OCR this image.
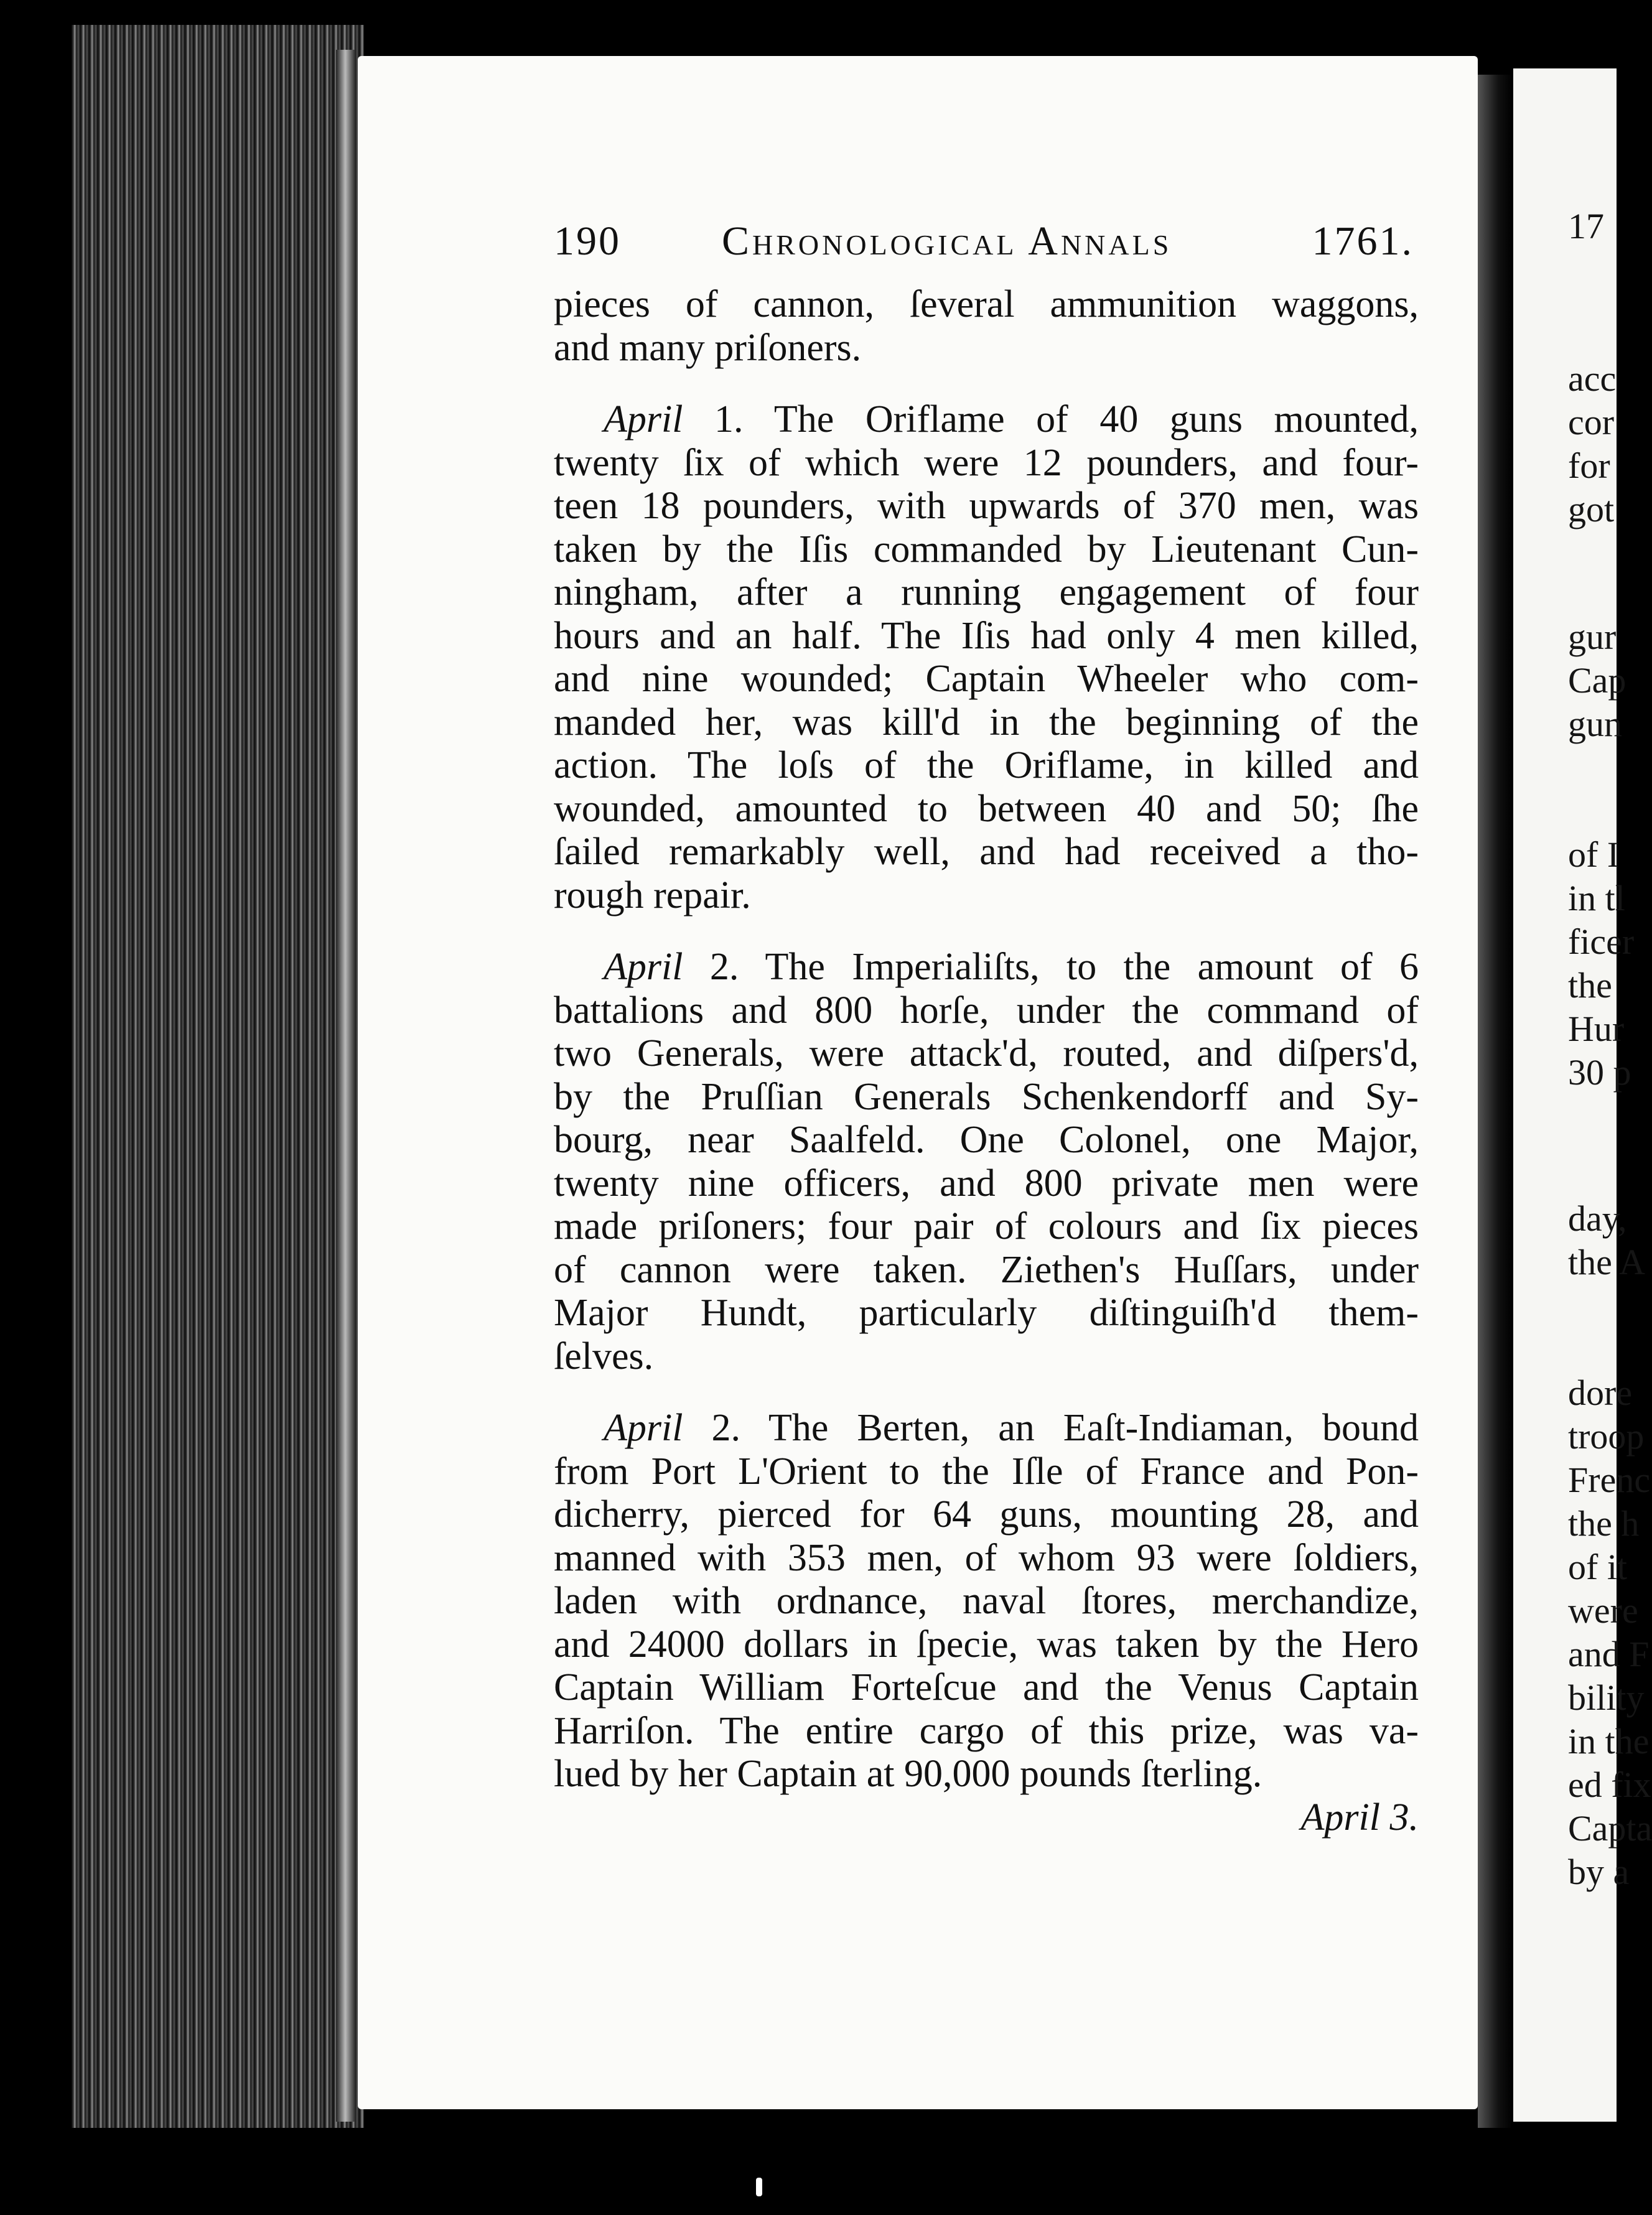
190 Chronological Annals	1761.
pieces of cannon, ſeveral ammunition waggons,
and many priſoners.
April 1. The Oriflame of 40 guns mounted,
twenty ſix of which were 12 pounders, and four-
teen 18 pounders, with upwards of 370 men, was
taken by the Iſis commanded by Lieutenant Cun-
ningham, after a running engagement of four
hours and an half. The Iſis had only 4 men killed,
and nine wounded; Captain Wheeler who com-
manded her, was kill'd in the beginning of the
action. The loſs of the Oriflame, in killed and
wounded, amounted to between 40 and 50; ſhe
ſailed remarkably well, and had received a tho-
rough repair.
April 2. The Imperialiſts, to the amount of 6
battalions and 800 horſe, under the command of
two Generals, were attack'd, routed, and diſpers'd,
by the Pruſſian Generals Schenkendorff and Sy-
bourg, near Saalfeld. One Colonel, one Major,
twenty nine officers, and 800 private men were
made priſoners; four pair of colours and ſix pieces
of cannon were taken. Ziethen's Huſſars, under
Major Hundt, particularly diſtinguiſh'd them-
ſelves.
April 2. The Berten, an Eaſt-Indiaman, bound
from Port L'Orient to the Iſle of France and Pon-
dicherry, pierced for 64 guns, mounting 28, and
manned with 353 men, of whom 93 were ſoldiers,
laden with ordnance, naval ſtores, merchandize,
and 24000 dollars in ſpecie, was taken by the Hero
Captain William Forteſcue and the Venus Captain
Harriſon. The entire cargo of this prize, was va-
lued by her Captain at 90,000 pounds ſterling.
April 3.
17
acc
cor
for
got
gur
Cap
gun
of I
in tl
ficer
the
Hur
30 p
day,
the A
dore
troop
Frenc
the h
of it
were
and F
bility
in the
ed fix
Capta
by a
